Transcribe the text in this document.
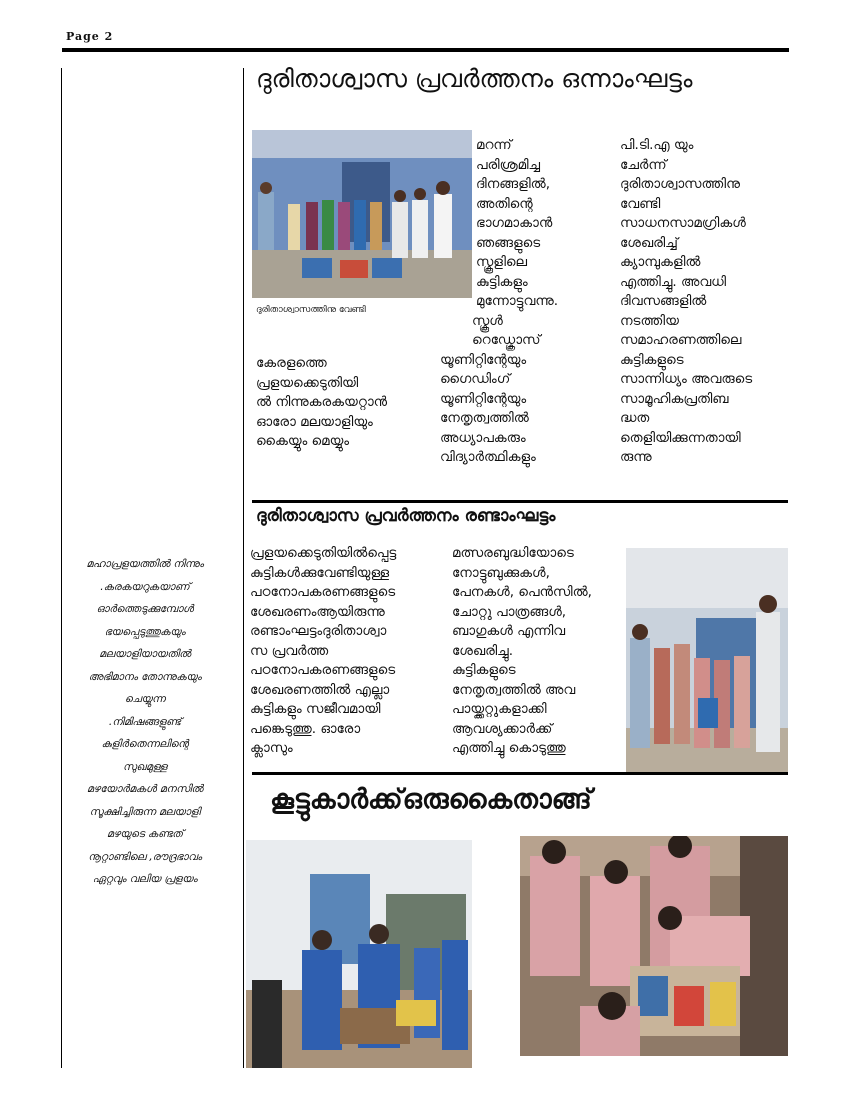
Page 2
ദുരിതാശ്വാസ പ്രവർത്തനം ഒന്നാംഘട്ടം
ദുരിതാശ്വാസത്തിനു വേണ്ടി
കേരളത്തെ
പ്രളയക്കെടുതിയി
ൽ നിന്നുകരകയറ്റാൻ
ഓരോ മലയാളിയും
കൈയ്യും മെയ്യും
മറന്ന്
പരിശ്രമിച്ച
ദിനങ്ങളിൽ,
അതിന്റെ
ഭാഗമാകാൻ
ഞങ്ങളുടെ
സ്കൂളിലെ
കുട്ടികളും
മുന്നോട്ടുവന്നു.
സ്കൂൾ
റെഡ്ക്രോസ്
യൂണിറ്റിന്റേയും
ഗൈഡിംഗ്
യൂണിറ്റിന്റേയും
നേതൃത്വത്തിൽ
അധ്യാപകരും
വിദ്യാർത്ഥികളും
പി.ടി.എ യും
ചേർന്ന്
ദുരിതാശ്വാസത്തിനു
വേണ്ടി
സാധനസാമഗ്രികൾ
ശേഖരിച്ച്
ക്യാമ്പുകളിൽ
എത്തിച്ചു. അവധി
ദിവസങ്ങളിൽ
നടത്തിയ
സമാഹരണത്തിലെ
കുട്ടികളുടെ
സാന്നിധ്യം അവരുടെ
സാമൂഹികപ്രതിബ
ദ്ധത
തെളിയിക്കുന്നതായി
രുന്നു
ദുരിതാശ്വാസ പ്രവർത്തനം രണ്ടാംഘട്ടം
പ്രളയക്കെടുതിയിൽപ്പെട്ട
കുട്ടികൾക്കുവേണ്ടിയുള്ള
പഠനോപകരണങ്ങളുടെ
ശേഖരണംആയിരുന്നു
രണ്ടാംഘട്ടംദുരിതാശ്വാ
സ പ്രവർത്ത
പഠനോപകരണങ്ങളുടെ
ശേഖരണത്തിൽ എല്ലാ
കുട്ടികളും സജീവമായി
പങ്കെടുത്തു. ഓരോ
ക്ലാസും
മത്സരബുദ്ധിയോടെ
നോട്ടുബുക്കുകൾ,
പേനകൾ, പെൻസിൽ,
ചോറ്റു പാത്രങ്ങൾ,
ബാഗുകൾ എന്നിവ
ശേഖരിച്ചു.
കുട്ടികളുടെ
നേതൃത്വത്തിൽ അവ
പായ്ക്കറ്റുകളാക്കി
ആവശ്യക്കാർക്ക്
എത്തിച്ചു കൊടുത്തു
കൂട്ടുകാർക്ക്ഒരുകൈതാങ്ങ്
മഹാപ്രളയത്തിൽ നിന്നും
.കരകയറുകയാണ്
ഓർത്തെടുക്കുമ്പോൾ
ഭയപ്പെടുത്തുകയും
മലയാളിയായതിൽ
അഭിമാനം തോന്നുകയും
ചെയ്യുന്ന
.നിമിഷങ്ങളുണ്ട്
കുളിർതെന്നലിന്റെ
സുഖമുള്ള
മഴയോർമകൾ മനസിൽ
സൂക്ഷിച്ചിരുന്ന മലയാളി
മഴയുടെ കണ്ടത്
നൂറ്റാണ്ടിലെ ,രൗദ്രഭാവം
ഏറ്റവും വലിയ പ്രളയം
